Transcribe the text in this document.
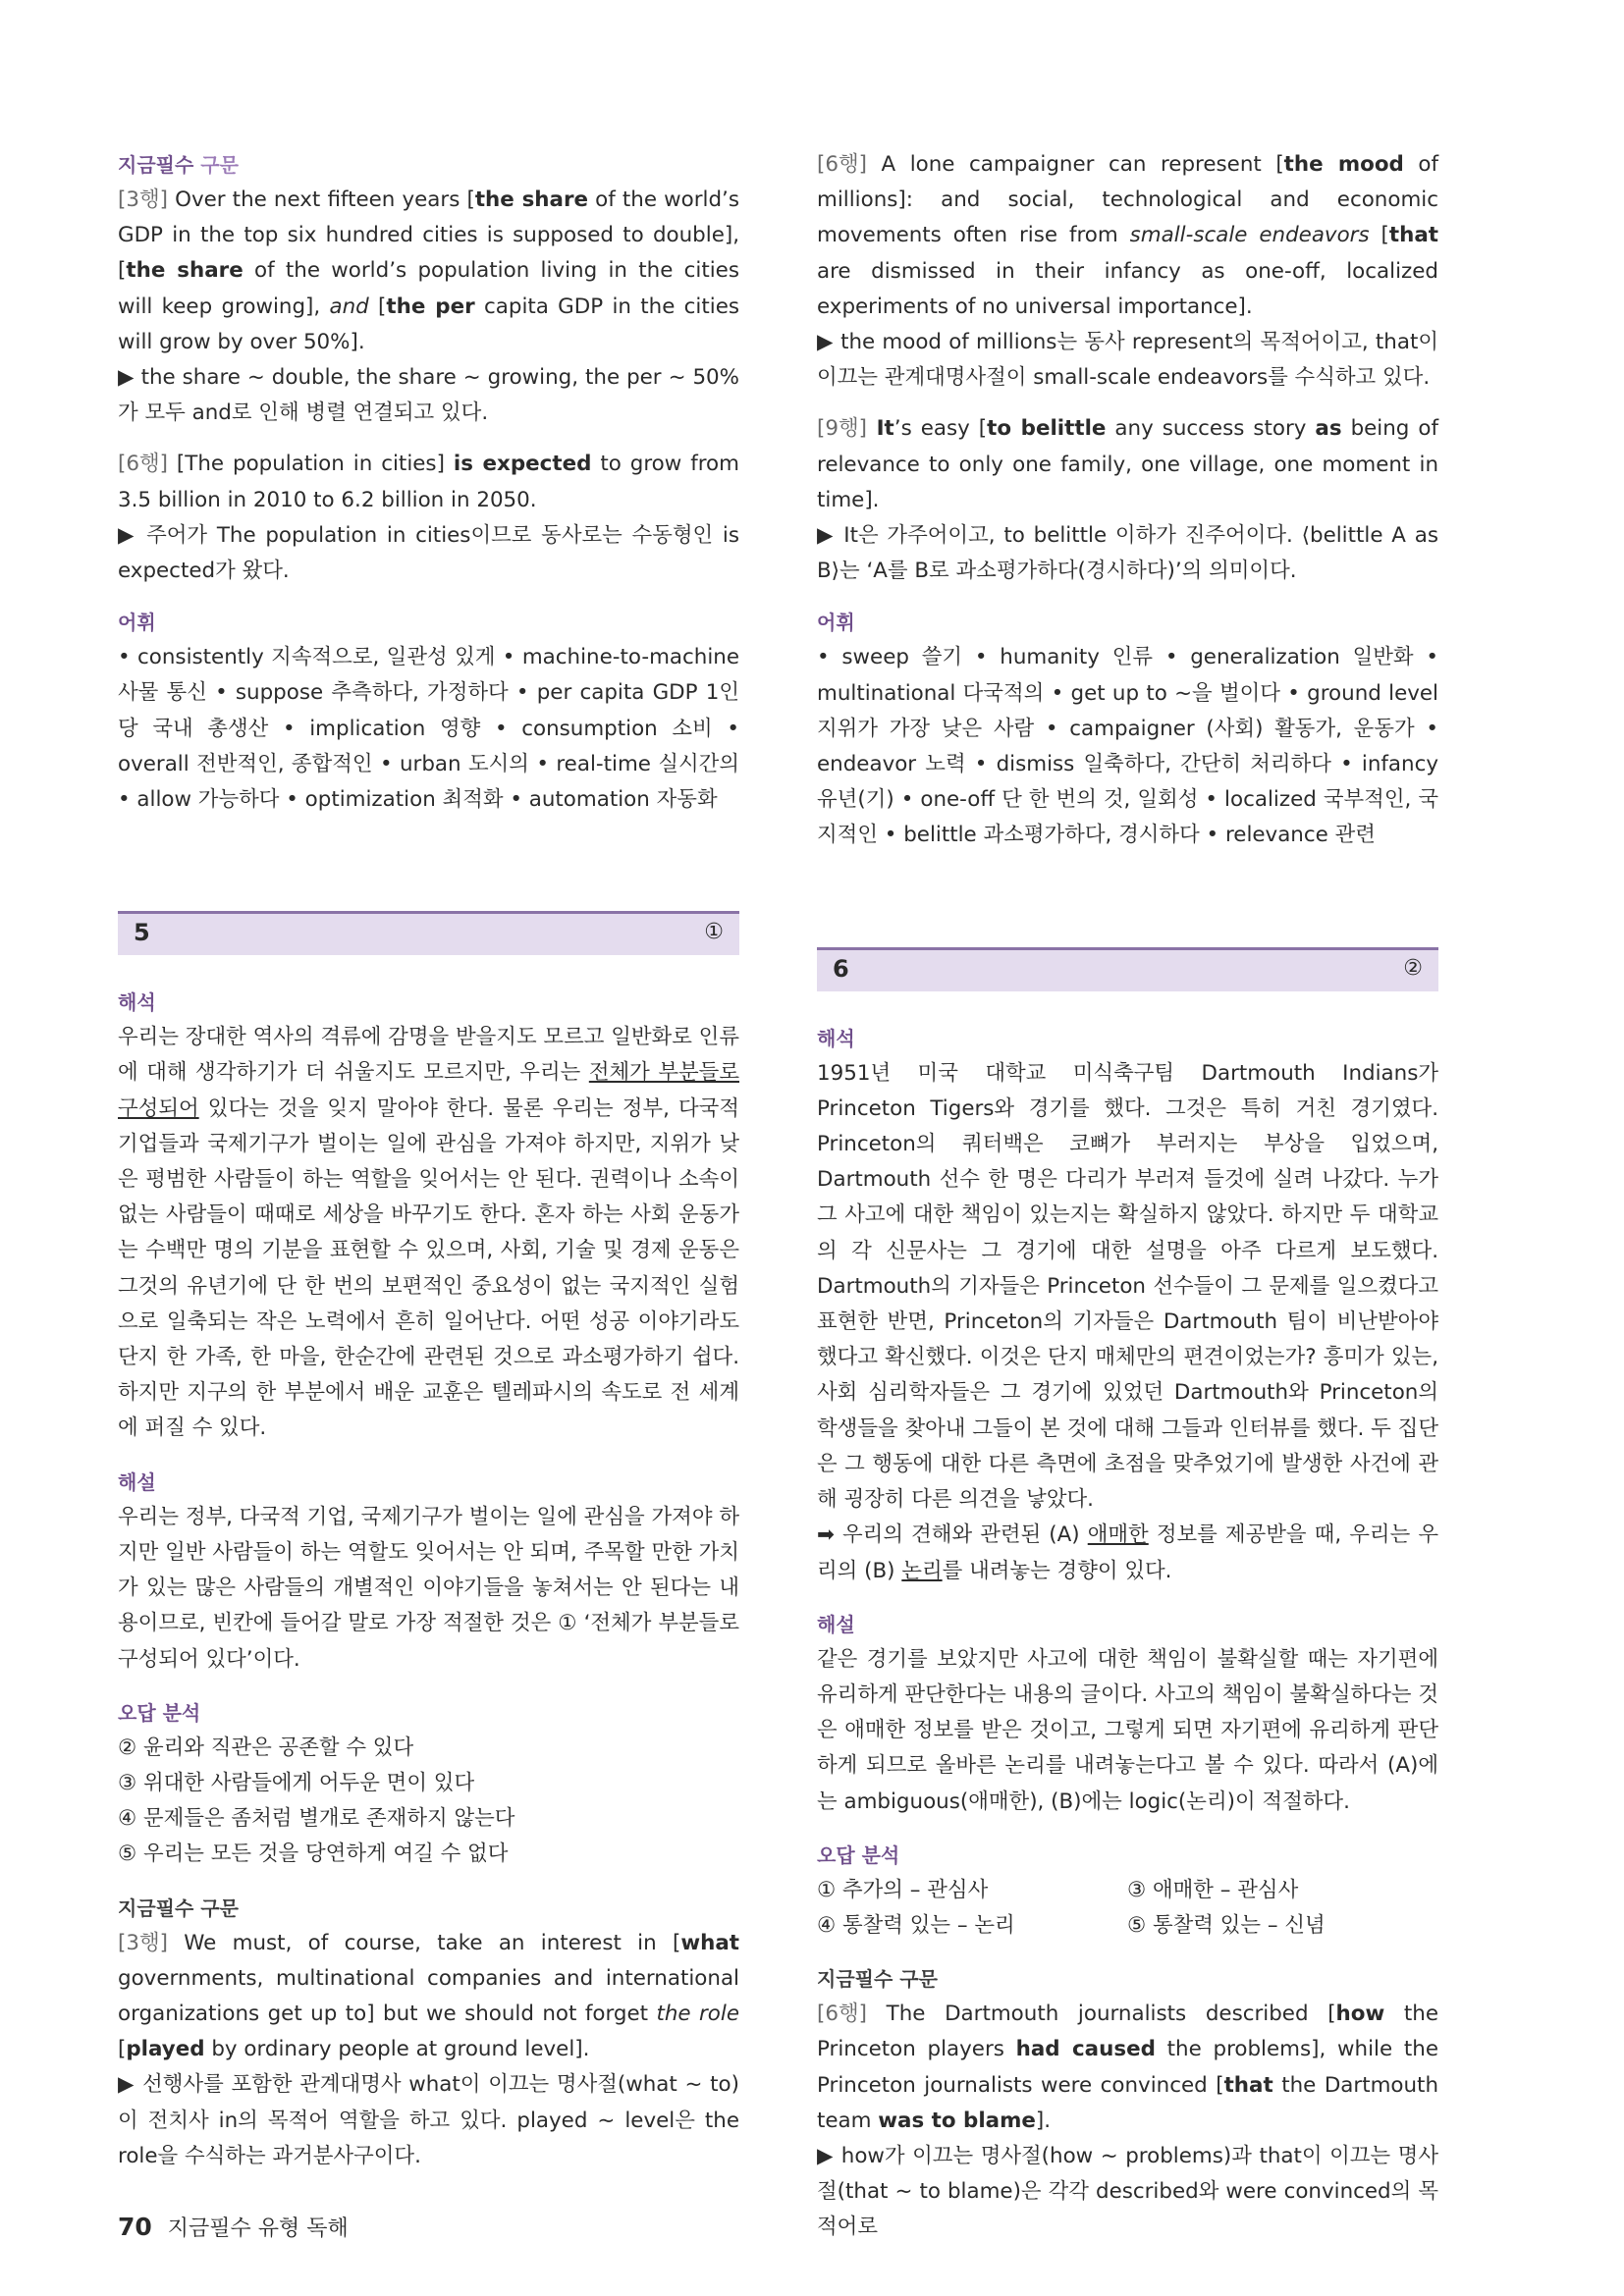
지금필수 구문

[3행] Over the next fifteen years [the share of the world’s GDP in the top six hundred cities is supposed to double], [the share of the world’s population living in the cities will keep growing], and [the per capita GDP in the cities will grow by over 50%].

▶ the share ~ double, the share ~ growing, the per ~ 50%가 모두 and로 인해 병렬 연결되고 있다.

[6행] [The population in cities] is expected to grow from 3.5 billion in 2010 to 6.2 billion in 2050.

▶ 주어가 The population in cities이므로 동사로는 수동형인 is expected가 왔다.

어휘

• consistently 지속적으로, 일관성 있게 • machine-to-machine 사물 통신 • suppose 추측하다, 가정하다 • per capita GDP 1인당 국내 총생산 • implication 영향 • consumption 소비 • overall 전반적인, 종합적인 • urban 도시의 • real-time 실시간의 • allow 가능하다 • optimization 최적화 • automation 자동화

5	①
해석

우리는 장대한 역사의 격류에 감명을 받을지도 모르고 일반화로 인류에 대해 생각하기가 더 쉬울지도 모르지만, 우리는 전체가 부분들로 구성되어 있다는 것을 잊지 말아야 한다. 물론 우리는 정부, 다국적 기업들과 국제기구가 벌이는 일에 관심을 가져야 하지만, 지위가 낮은 평범한 사람들이 하는 역할을 잊어서는 안 된다. 권력이나 소속이 없는 사람들이 때때로 세상을 바꾸기도 한다. 혼자 하는 사회 운동가는 수백만 명의 기분을 표현할 수 있으며, 사회, 기술 및 경제 운동은 그것의 유년기에 단 한 번의 보편적인 중요성이 없는 국지적인 실험으로 일축되는 작은 노력에서 흔히 일어난다. 어떤 성공 이야기라도 단지 한 가족, 한 마을, 한순간에 관련된 것으로 과소평가하기 쉽다. 하지만 지구의 한 부분에서 배운 교훈은 텔레파시의 속도로 전 세계에 퍼질 수 있다.

해설

우리는 정부, 다국적 기업, 국제기구가 벌이는 일에 관심을 가져야 하지만 일반 사람들이 하는 역할도 잊어서는 안 되며, 주목할 만한 가치가 있는 많은 사람들의 개별적인 이야기들을 놓쳐서는 안 된다는 내용이므로, 빈칸에 들어갈 말로 가장 적절한 것은 ① ‘전체가 부분들로 구성되어 있다’이다.

오답 분석

② 윤리와 직관은 공존할 수 있다

③ 위대한 사람들에게 어두운 면이 있다

④ 문제들은 좀처럼 별개로 존재하지 않는다

⑤ 우리는 모든 것을 당연하게 여길 수 없다

지금필수 구문

[3행] We must, of course, take an interest in [what governments, multinational companies and international organizations get up to] but we should not forget the role [played by ordinary people at ground level].

▶ 선행사를 포함한 관계대명사 what이 이끄는 명사절(what ~ to)이 전치사 in의 목적어 역할을 하고 있다. played ~ level은 the role을 수식하는 과거분사구이다.

[6행] A lone campaigner can represent [the mood of millions]: and social, technological and economic movements often rise from small-scale endeavors [that are dismissed in their infancy as one-off, localized experiments of no universal importance].

▶ the mood of millions는 동사 represent의 목적어이고, that이 이끄는 관계대명사절이 small-scale endeavors를 수식하고 있다.

[9행] It’s easy [to belittle any success story as being of relevance to only one family, one village, one moment in time].

▶ It은 가주어이고, to belittle 이하가 진주어이다. ⟨belittle A as B⟩는 ‘A를 B로 과소평가하다(경시하다)’의 의미이다.

어휘

• sweep 쓸기 • humanity 인류 • generalization 일반화 • multinational 다국적의 • get up to ~을 벌이다 • ground level 지위가 가장 낮은 사람 • campaigner (사회) 활동가, 운동가 • endeavor 노력 • dismiss 일축하다, 간단히 처리하다 • infancy 유년(기) • one-off 단 한 번의 것, 일회성 • localized 국부적인, 국지적인 • belittle 과소평가하다, 경시하다 • relevance 관련

6	②
해석

1951년 미국 대학교 미식축구팀 Dartmouth Indians가 Princeton Tigers와 경기를 했다. 그것은 특히 거친 경기였다. Princeton의 쿼터백은 코뼈가 부러지는 부상을 입었으며, Dartmouth 선수 한 명은 다리가 부러져 들것에 실려 나갔다. 누가 그 사고에 대한 책임이 있는지는 확실하지 않았다. 하지만 두 대학교의 각 신문사는 그 경기에 대한 설명을 아주 다르게 보도했다. Dartmouth의 기자들은 Princeton 선수들이 그 문제를 일으켰다고 표현한 반면, Princeton의 기자들은 Dartmouth 팀이 비난받아야 했다고 확신했다. 이것은 단지 매체만의 편견이었는가? 흥미가 있는, 사회 심리학자들은 그 경기에 있었던 Dartmouth와 Princeton의 학생들을 찾아내 그들이 본 것에 대해 그들과 인터뷰를 했다. 두 집단은 그 행동에 대한 다른 측면에 초점을 맞추었기에 발생한 사건에 관해 굉장히 다른 의견을 낳았다.

➡ 우리의 견해와 관련된 (A) 애매한 정보를 제공받을 때, 우리는 우리의 (B) 논리를 내려놓는 경향이 있다.

해설

같은 경기를 보았지만 사고에 대한 책임이 불확실할 때는 자기편에 유리하게 판단한다는 내용의 글이다. 사고의 책임이 불확실하다는 것은 애매한 정보를 받은 것이고, 그렇게 되면 자기편에 유리하게 판단하게 되므로 올바른 논리를 내려놓는다고 볼 수 있다. 따라서 (A)에는 ambiguous(애매한), (B)에는 logic(논리)이 적절하다.

오답 분석
① 추가의 – 관심사	③ 애매한 – 관심사
④ 통찰력 있는 – 논리	⑤ 통찰력 있는 – 신념
지금필수 구문

[6행] The Dartmouth journalists described [how the Princeton players had caused the problems], while the Princeton journalists were convinced [that the Dartmouth team was to blame].

▶ how가 이끄는 명사절(how ~ problems)과 that이 이끄는 명사절(that ~ to blame)은 각각 described와 were convinced의 목적어로

70 지금필수 유형 독해
